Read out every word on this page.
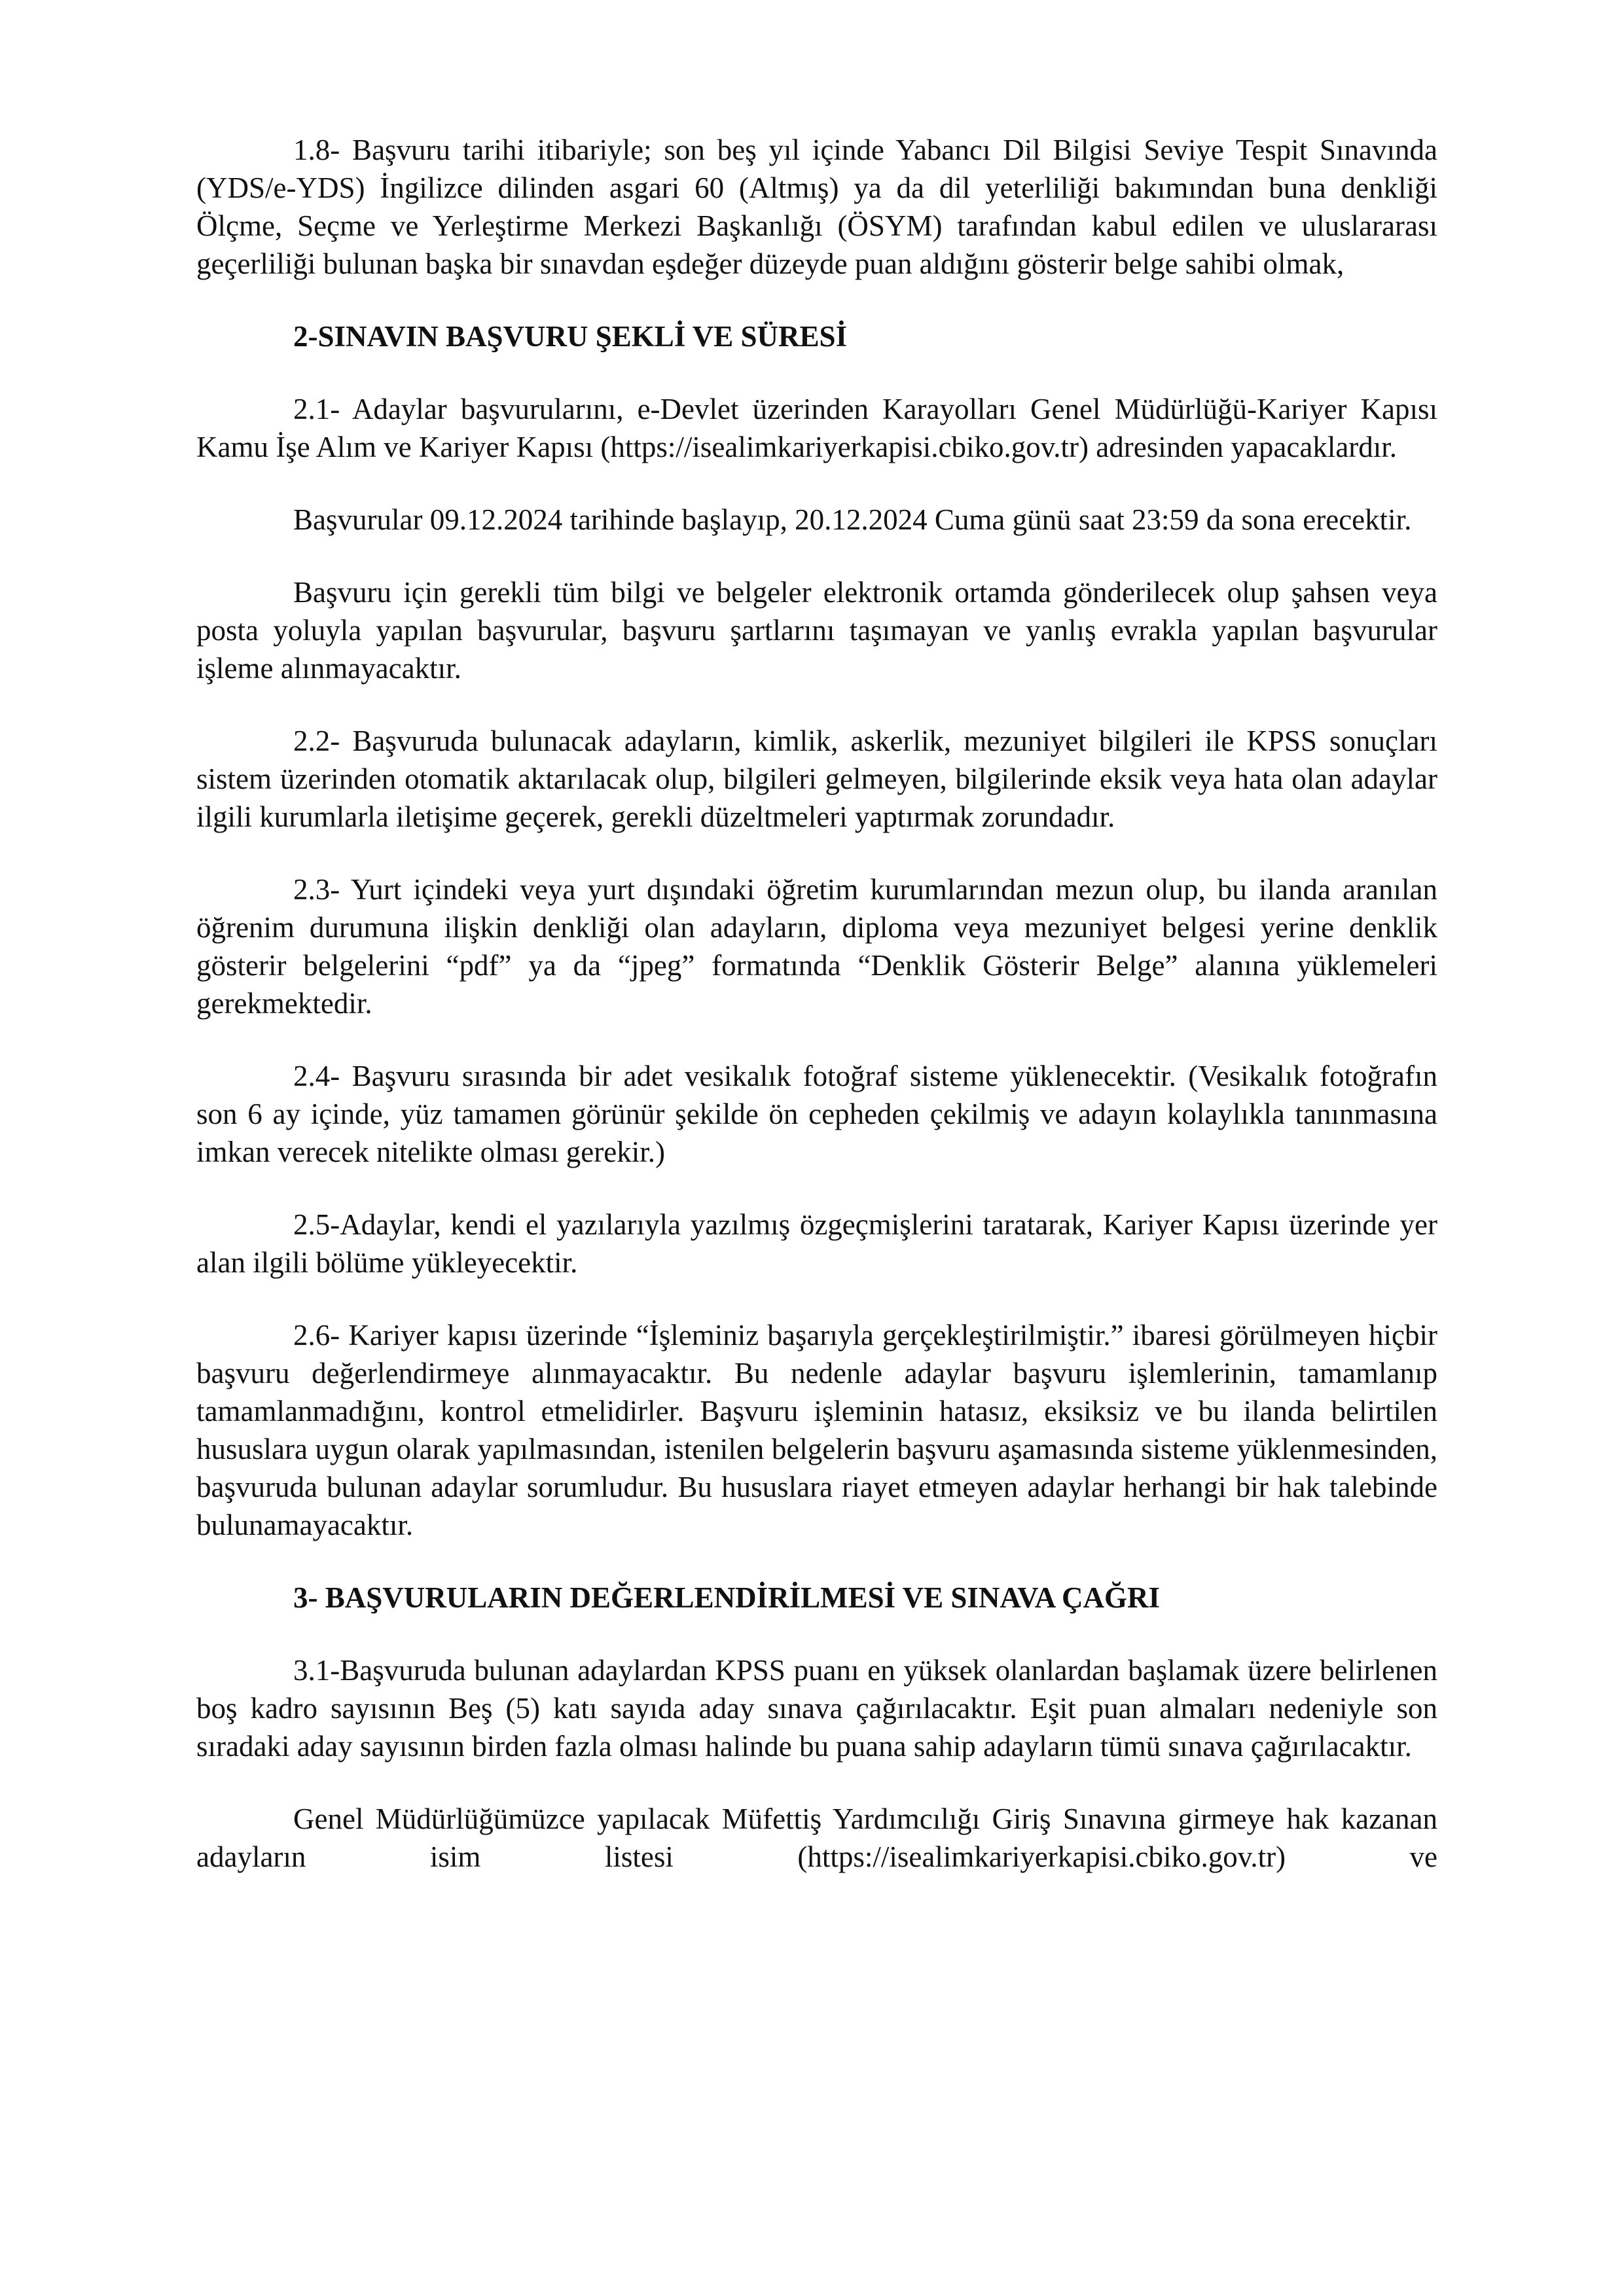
1.8- Başvuru tarihi itibariyle; son beş yıl içinde Yabancı Dil Bilgisi Seviye Tespit Sınavında (YDS/e-YDS) İngilizce dilinden asgari 60 (Altmış) ya da dil yeterliliği bakımından buna denkliği Ölçme, Seçme ve Yerleştirme Merkezi Başkanlığı (ÖSYM) tarafından kabul edilen ve uluslararası geçerliliği bulunan başka bir sınavdan eşdeğer düzeyde puan aldığını gösterir belge sahibi olmak,

2-SINAVIN BAŞVURU ŞEKLİ VE SÜRESİ

2.1- Adaylar başvurularını, e-Devlet üzerinden Karayolları Genel Müdürlüğü-Kariyer Kapısı Kamu İşe Alım ve Kariyer Kapısı (https://isealimkariyerkapisi.cbiko.gov.tr) adresinden yapacaklardır.

Başvurular 09.12.2024 tarihinde başlayıp, 20.12.2024 Cuma günü saat 23:59 da sona erecektir.

Başvuru için gerekli tüm bilgi ve belgeler elektronik ortamda gönderilecek olup şahsen veya posta yoluyla yapılan başvurular, başvuru şartlarını taşımayan ve yanlış evrakla yapılan başvurular işleme alınmayacaktır.

2.2- Başvuruda bulunacak adayların, kimlik, askerlik, mezuniyet bilgileri ile KPSS sonuçları sistem üzerinden otomatik aktarılacak olup, bilgileri gelmeyen, bilgilerinde eksik veya hata olan adaylar ilgili kurumlarla iletişime geçerek, gerekli düzeltmeleri yaptırmak zorundadır.

2.3- Yurt içindeki veya yurt dışındaki öğretim kurumlarından mezun olup, bu ilanda aranılan öğrenim durumuna ilişkin denkliği olan adayların, diploma veya mezuniyet belgesi yerine denklik gösterir belgelerini “pdf” ya da “jpeg” formatında “Denklik Gösterir Belge” alanına yüklemeleri gerekmektedir.

2.4- Başvuru sırasında bir adet vesikalık fotoğraf sisteme yüklenecektir. (Vesikalık fotoğrafın son 6 ay içinde, yüz tamamen görünür şekilde ön cepheden çekilmiş ve adayın kolaylıkla tanınmasına imkan verecek nitelikte olması gerekir.)

2.5-Adaylar, kendi el yazılarıyla yazılmış özgeçmişlerini taratarak, Kariyer Kapısı üzerinde yer alan ilgili bölüme yükleyecektir.

2.6- Kariyer kapısı üzerinde “İşleminiz başarıyla gerçekleştirilmiştir.” ibaresi görülmeyen hiçbir başvuru değerlendirmeye alınmayacaktır. Bu nedenle adaylar başvuru işlemlerinin, tamamlanıp tamamlanmadığını, kontrol etmelidirler. Başvuru işleminin hatasız, eksiksiz ve bu ilanda belirtilen hususlara uygun olarak yapılmasından, istenilen belgelerin başvuru aşamasında sisteme yüklenmesinden, başvuruda bulunan adaylar sorumludur. Bu hususlara riayet etmeyen adaylar herhangi bir hak talebinde bulunamayacaktır.

3- BAŞVURULARIN DEĞERLENDİRİLMESİ VE SINAVA ÇAĞRI

3.1-Başvuruda bulunan adaylardan KPSS puanı en yüksek olanlardan başlamak üzere belirlenen boş kadro sayısının Beş (5) katı sayıda aday sınava çağırılacaktır. Eşit puan almaları nedeniyle son sıradaki aday sayısının birden fazla olması halinde bu puana sahip adayların tümü sınava çağırılacaktır.

Genel Müdürlüğümüzce yapılacak Müfettiş Yardımcılığı Giriş Sınavına girmeye hak kazanan adayların isim listesi (https://isealimkariyerkapisi.cbiko.gov.tr) ve
